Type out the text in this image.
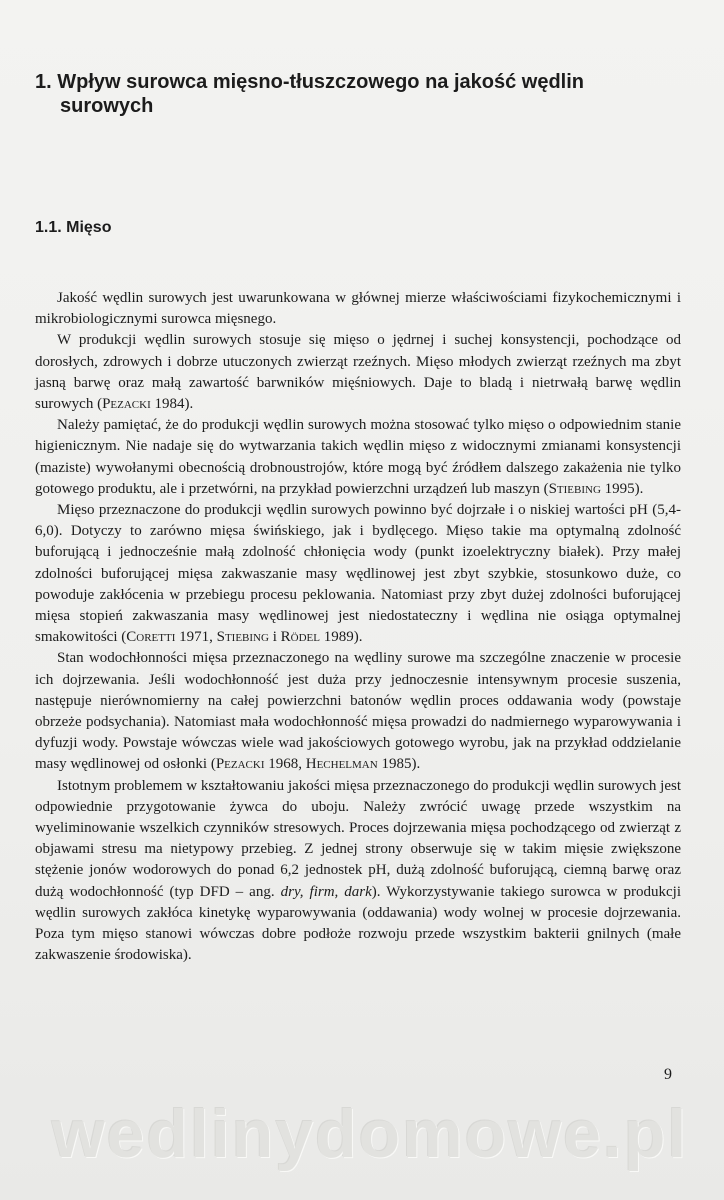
1. Wpływ surowca mięsno-tłuszczowego na jakość wędlin surowych
1.1. Mięso

Jakość wędlin surowych jest uwarunkowana w głównej mierze właściwościami fizykochemicznymi i mikrobiologicznymi surowca mięsnego.

W produkcji wędlin surowych stosuje się mięso o jędrnej i suchej konsystencji, pochodzące od dorosłych, zdrowych i dobrze utuczonych zwierząt rzeźnych. Mięso młodych zwierząt rzeźnych ma zbyt jasną barwę oraz małą zawartość barwników mięśniowych. Daje to bladą i nietrwałą barwę wędlin surowych (Pezacki 1984).

Należy pamiętać, że do produkcji wędlin surowych można stosować tylko mięso o odpowiednim stanie higienicznym. Nie nadaje się do wytwarzania takich wędlin mięso z widocznymi zmianami konsystencji (maziste) wywołanymi obecnością drobnoustrojów, które mogą być źródłem dalszego zakażenia nie tylko gotowego produktu, ale i przetwórni, na przykład powierzchni urządzeń lub maszyn (Stiebing 1995).

Mięso przeznaczone do produkcji wędlin surowych powinno być dojrzałe i o niskiej wartości pH (5,4-6,0). Dotyczy to zarówno mięsa świńskiego, jak i bydlęcego. Mięso takie ma optymalną zdolność buforującą i jednocześnie małą zdolność chłonięcia wody (punkt izoelektryczny białek). Przy małej zdolności buforującej mięsa zakwaszanie masy wędlinowej jest zbyt szybkie, stosunkowo duże, co powoduje zakłócenia w przebiegu procesu peklowania. Natomiast przy zbyt dużej zdolności buforującej mięsa stopień zakwaszania masy wędlinowej jest niedostateczny i wędlina nie osiąga optymalnej smakowitości (Coretti 1971, Stiebing i Rödel 1989).

Stan wodochłonności mięsa przeznaczonego na wędliny surowe ma szczególne znaczenie w procesie ich dojrzewania. Jeśli wodochłonność jest duża przy jednoczesnie intensywnym procesie suszenia, następuje nierównomierny na całej powierzchni batonów wędlin proces oddawania wody (powstaje obrzeże podsychania). Natomiast mała wodochłonność mięsa prowadzi do nadmiernego wyparowywania i dyfuzji wody. Powstaje wówczas wiele wad jakościowych gotowego wyrobu, jak na przykład oddzielanie masy wędlinowej od osłonki (Pezacki 1968, Hechelman 1985).

Istotnym problemem w kształtowaniu jakości mięsa przeznaczonego do produkcji wędlin surowych jest odpowiednie przygotowanie żywca do uboju. Należy zwrócić uwagę przede wszystkim na wyeliminowanie wszelkich czynników stresowych. Proces dojrzewania mięsa pochodzącego od zwierząt z objawami stresu ma nietypowy przebieg. Z jednej strony obserwuje się w takim mięsie zwiększone stężenie jonów wodorowych do ponad 6,2 jednostek pH, dużą zdolność buforującą, ciemną barwę oraz dużą wodochłonność (typ DFD – ang. dry, firm, dark). Wykorzystywanie takiego surowca w produkcji wędlin surowych zakłóca kinetykę wyparowywania (oddawania) wody wolnej w procesie dojrzewania. Poza tym mięso stanowi wówczas dobre podłoże rozwoju przede wszystkim bakterii gnilnych (małe zakwaszenie środowiska).

9
wedlinydomowe.pl
